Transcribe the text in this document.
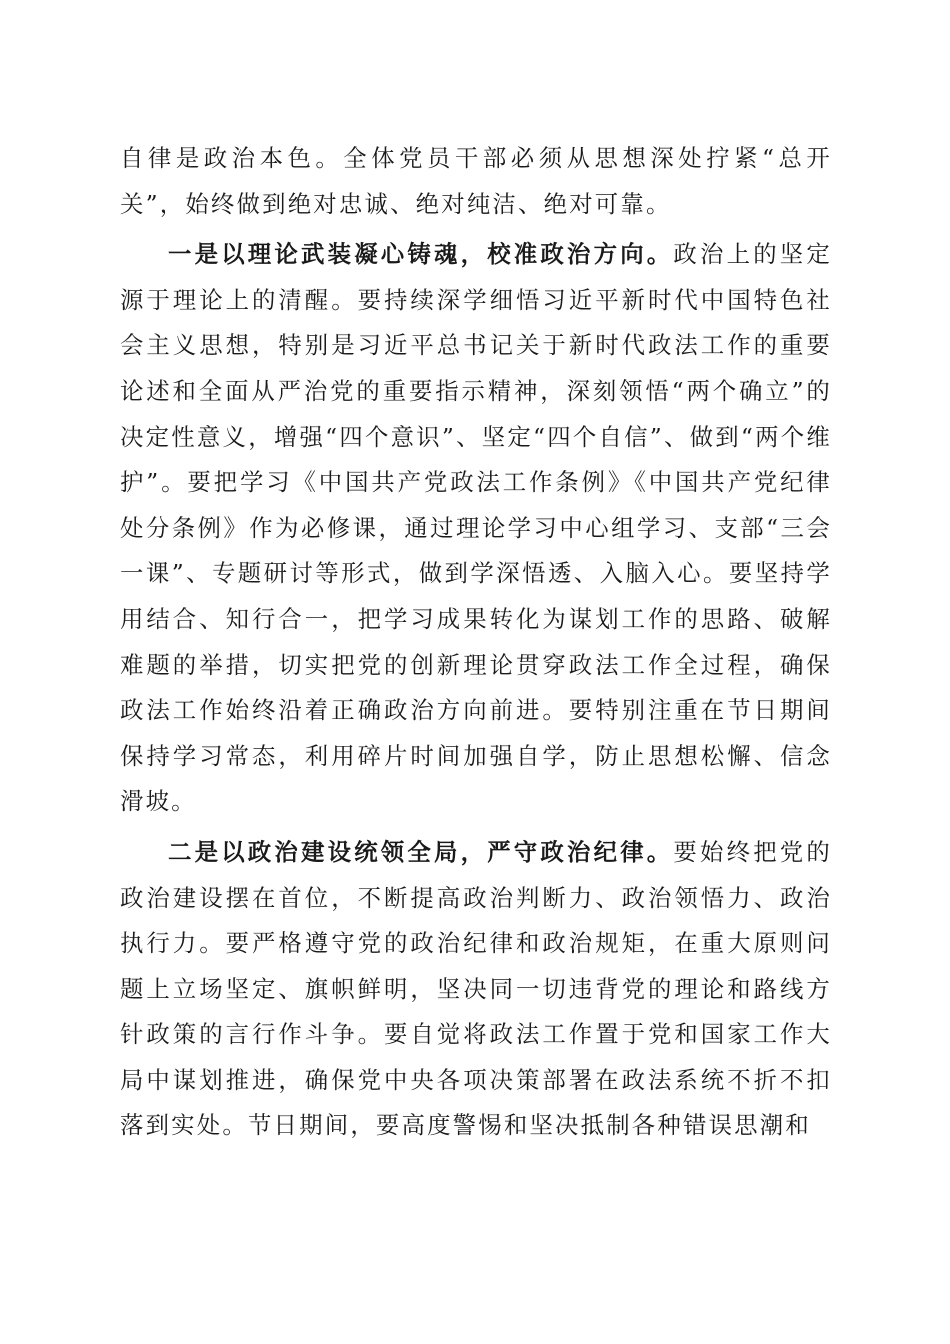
自律是政治本色。全体党员干部必须从思想深处拧紧“总开关”，始终做到绝对忠诚、绝对纯洁、绝对可靠。

一是以理论武装凝心铸魂，校准政治方向。政治上的坚定源于理论上的清醒。要持续深学细悟习近平新时代中国特色社会主义思想，特别是习近平总书记关于新时代政法工作的重要论述和全面从严治党的重要指示精神，深刻领悟“两个确立”的决定性意义，增强“四个意识”、坚定“四个自信”、做到“两个维护”。要把学习《中国共产党政法工作条例》《中国共产党纪律处分条例》作为必修课，通过理论学习中心组学习、支部“三会一课”、专题研讨等形式，做到学深悟透、入脑入心。要坚持学用结合、知行合一，把学习成果转化为谋划工作的思路、破解难题的举措，切实把党的创新理论贯穿政法工作全过程，确保政法工作始终沿着正确政治方向前进。要特别注重在节日期间保持学习常态，利用碎片时间加强自学，防止思想松懈、信念滑坡。

二是以政治建设统领全局，严守政治纪律。要始终把党的政治建设摆在首位，不断提高政治判断力、政治领悟力、政治执行力。要严格遵守党的政治纪律和政治规矩，在重大原则问题上立场坚定、旗帜鲜明，坚决同一切违背党的理论和路线方针政策的言行作斗争。要自觉将政法工作置于党和国家工作大局中谋划推进，确保党中央各项决策部署在政法系统不折不扣落到实处。节日期间，要高度警惕和坚决抵制各种错误思潮和
